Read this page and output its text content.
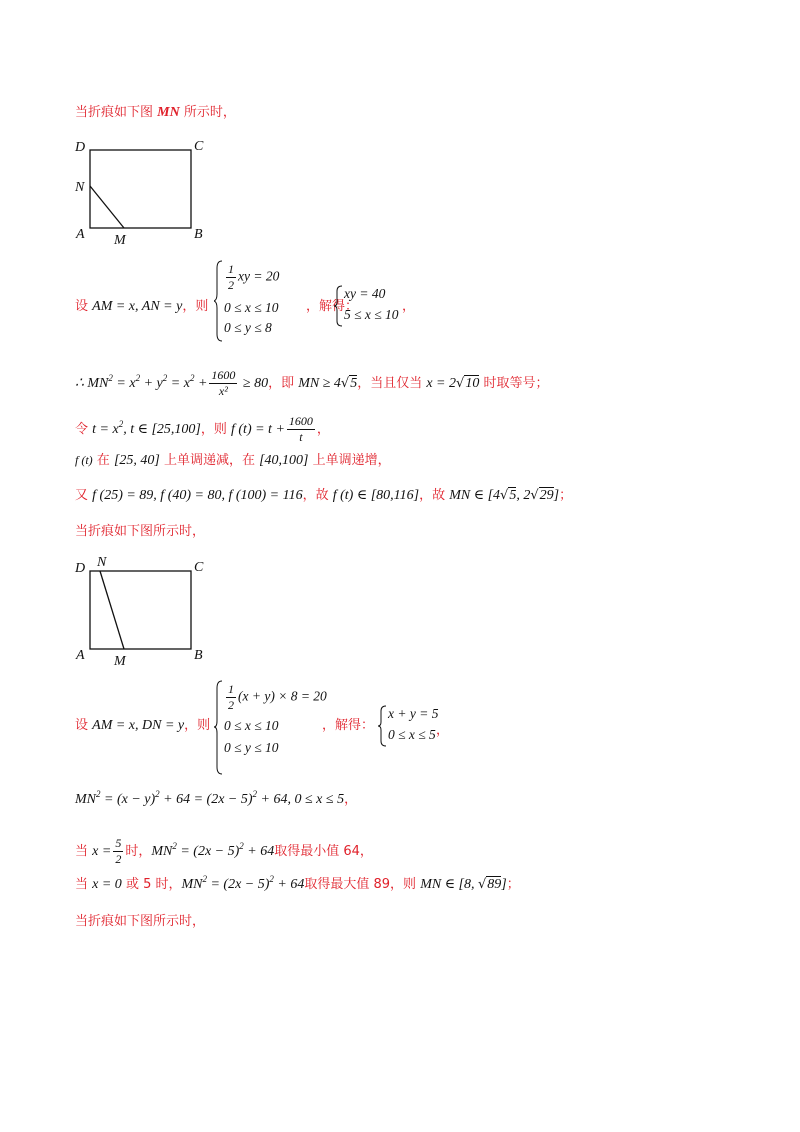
当折痕如下图 MN 所示时，
D	C
N
A M	B
设 AM = x, AN = y，则
$\frac{1}{2}$ xy = 20
0 ≤ x ≤ 10
0 ≤ y ≤ 8
，解得：
xy = 40
5 ≤ x ≤ 10
，
∴ $MN^2 = x^2 + y^2 = x^2 + \frac{1600}{\text{x²}} \ge 80$，即 MN ≥ 4√5，当且仅当 x = 2√10 时取等号；
令 $t = x^2$, t ∈ [25,100]，则 f $(t) = t + \frac{1600}{t}$ ，
f (t) 在 [25, 40] 上单调递减，在 [40,100] 上单调递增，
又 f (25) = 89, f (40) = 80, f (100) = 116，故 f (t) ∈ [80,116]，故 MN ∈ [4√5, 2√29]；
当折痕如下图所示时，
D N	C
A M	B
设 AM = x, DN = y，则
$\frac{1}{2} (x + y) \times 8 = 20$
0 ≤ x ≤ 10
0 ≤ y ≤ 10
，解得：
x + y = 5
0 ≤ x ≤ 5 ，
$MN^2 = (x - y)^2 + 64 = (2x - 5)^2 + 64$, 0 ≤ x ≤ 5，
当 $x = \frac{5}{2}$ 时，$MN^2 = (2x - 5)^2 + 64$取得最小值 64，
当 x = 0 或 5 时，$MN^2 = (2x - 5)^2 + 64$取得最大值 89，则 MN ∈ [8, √89]；
当折痕如下图所示时，
